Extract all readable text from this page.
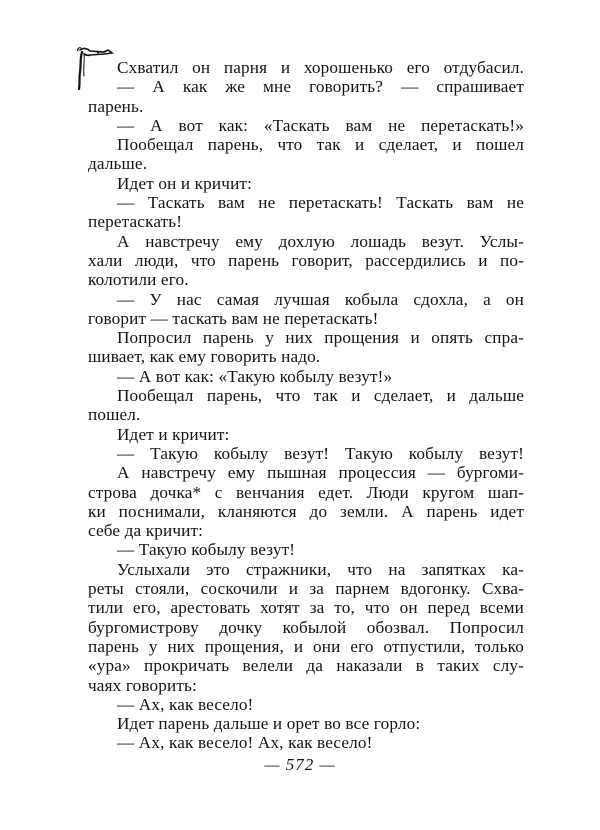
Схватил он парня и хорошенько его отдубасил.
— А как же мне говорить? — спрашивает
парень.
— А вот как: «Таскать вам не перетаскать!»
Пообещал парень, что так и сделает, и пошел
дальше.
Идет он и кричит:
— Таскать вам не перетаскать! Таскать вам не
перетаскать!
А навстречу ему дохлую лошадь везут. Услы-
хали люди, что парень говорит, рассердились и по-
колотили его.
— У нас самая лучшая кобыла сдохла, а он
говорит — таскать вам не перетаскать!
Попросил парень у них прощения и опять спра-
шивает, как ему говорить надо.
— А вот как: «Такую кобылу везут!»
Пообещал парень, что так и сделает, и дальше
пошел.
Идет и кричит:
— Такую кобылу везут! Такую кобылу везут!
А навстречу ему пышная процессия — бургоми-
строва дочка* с венчания едет. Люди кругом шап-
ки поснимали, кланяются до земли. А парень идет
себе да кричит:
— Такую кобылу везут!
Услыхали это стражники, что на запятках ка-
реты стояли, соскочили и за парнем вдогонку. Схва-
тили его, арестовать хотят за то, что он перед всеми
бургомистрову дочку кобылой обозвал. Попросил
парень у них прощения, и они его отпустили, только
«ура» прокричать велели да наказали в таких слу-
чаях говорить:
— Ах, как весело!
Идет парень дальше и орет во все горло:
— Ах, как весело! Ах, как весело!
— 572 —
